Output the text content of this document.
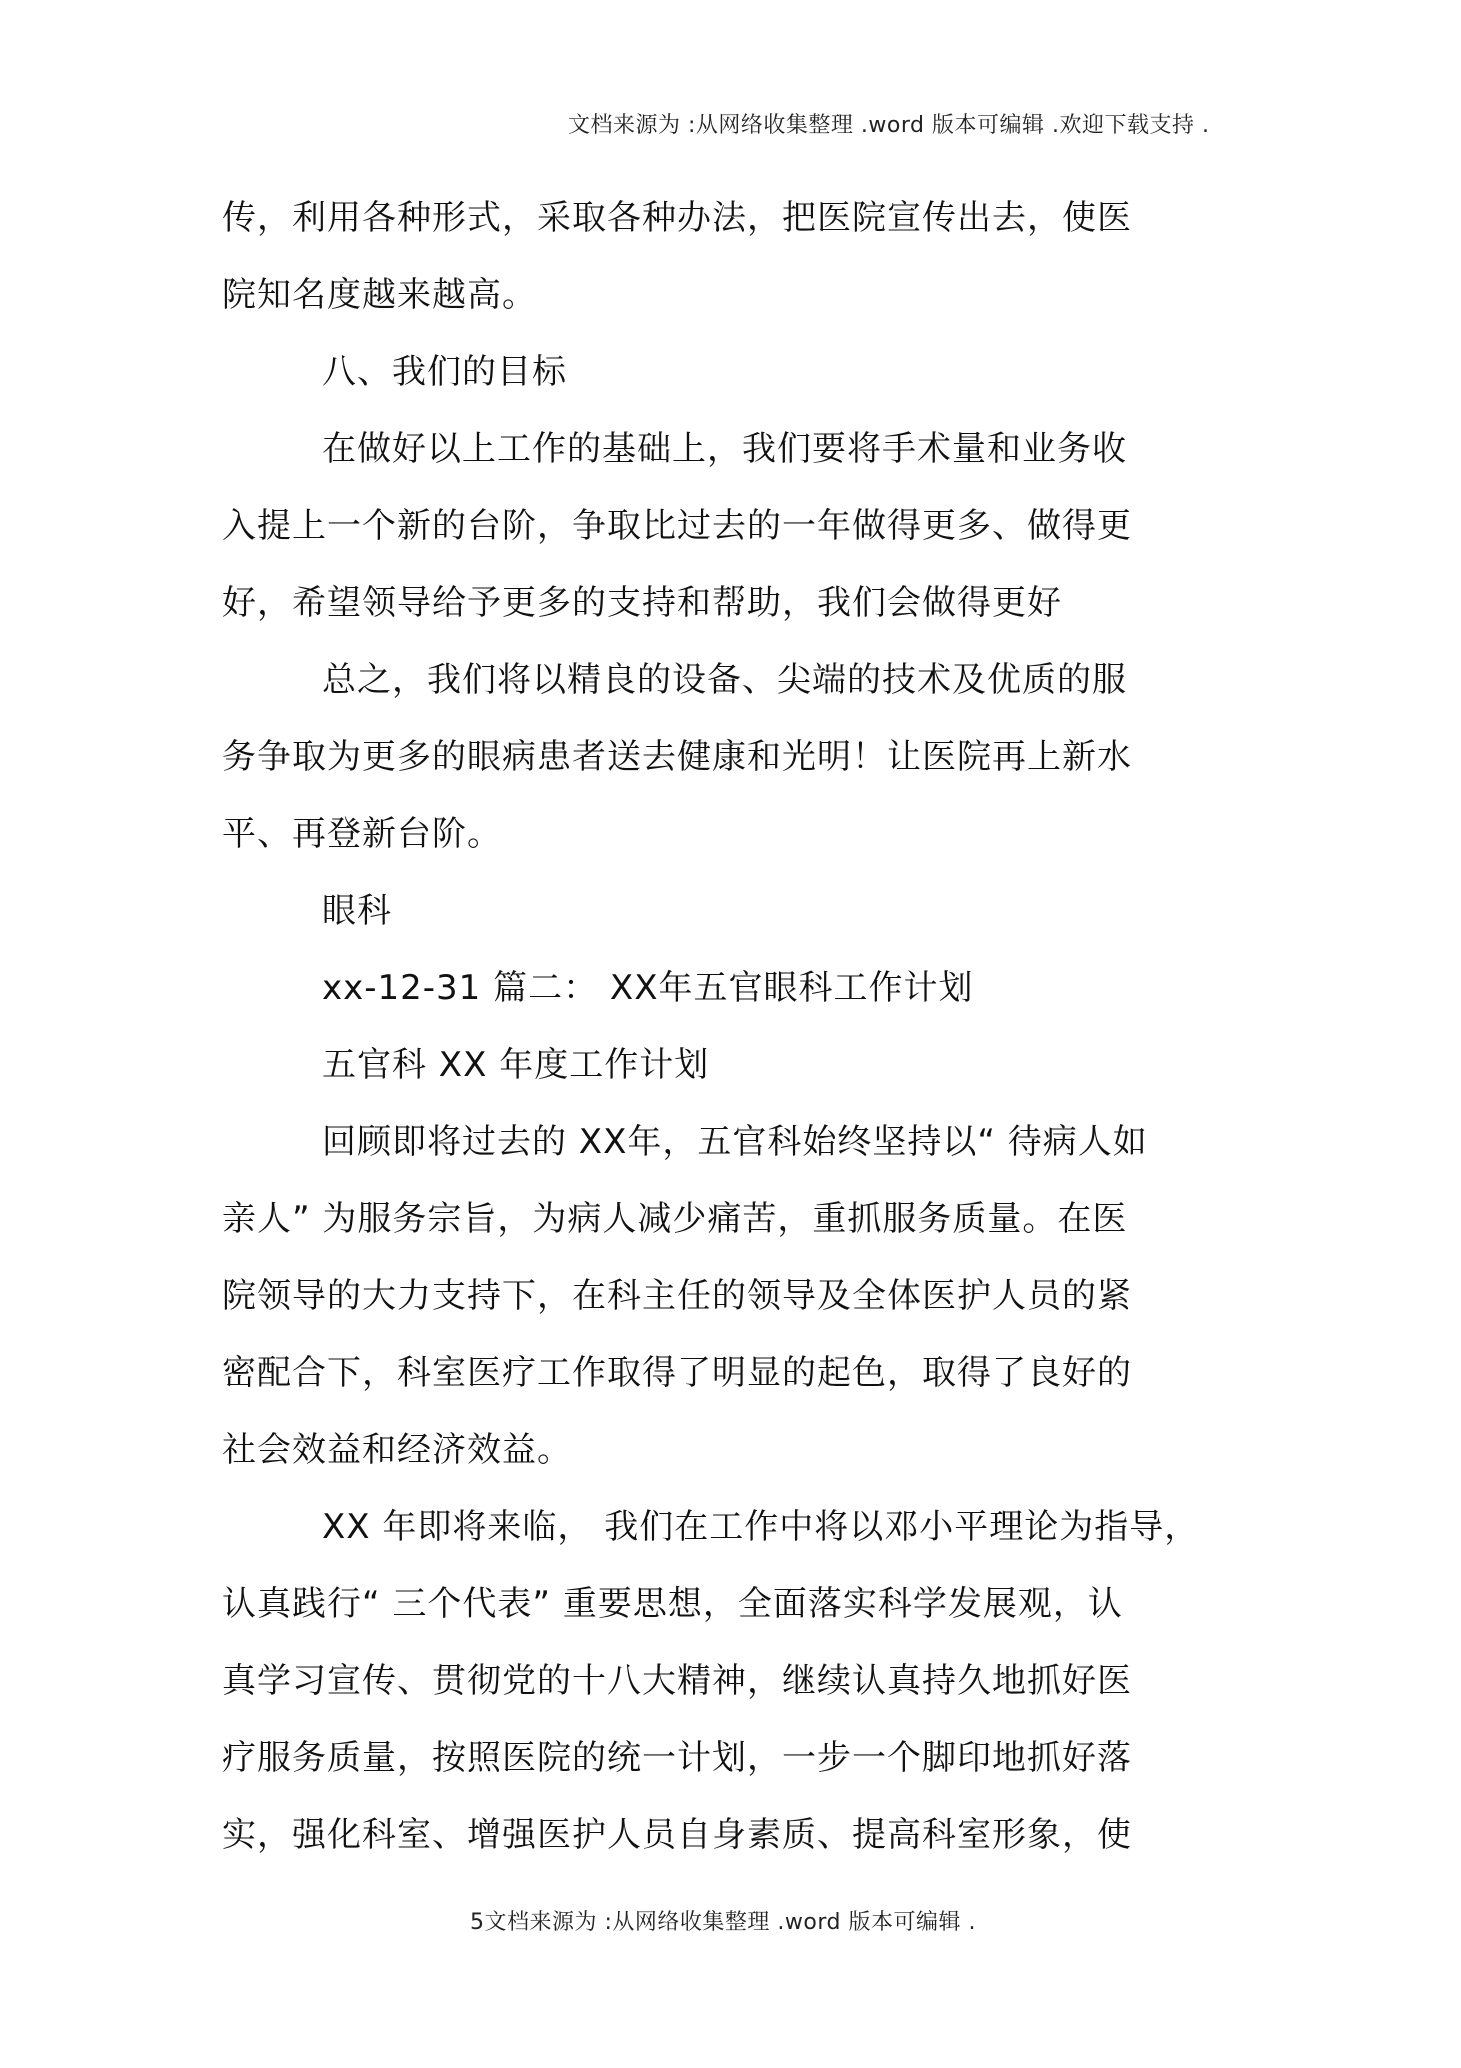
文档来源为 :从网络收集整理 .word 版本可编辑 .欢迎下载支持 .
传，利用各种形式，采取各种办法，把医院宣传出去，使医
院知名度越来越高。
八、我们的目标
在做好以上工作的基础上，我们要将手术量和业务收
入提上一个新的台阶，争取比过去的一年做得更多、做得更
好，希望领导给予更多的支持和帮助，我们会做得更好
总之，我们将以精良的设备、尖端的技术及优质的服
务争取为更多的眼病患者送去健康和光明！让医院再上新水
平、再登新台阶。
眼科
xx-12-31 篇二： XX年五官眼科工作计划
五官科 XX 年度工作计划
回顾即将过去的 XX年，五官科始终坚持以“ 待病人如
亲人” 为服务宗旨，为病人减少痛苦，重抓服务质量。在医
院领导的大力支持下，在科主任的领导及全体医护人员的紧
密配合下，科室医疗工作取得了明显的起色，取得了良好的
社会效益和经济效益。
XX 年即将来临， 我们在工作中将以邓小平理论为指导，
认真践行“ 三个代表” 重要思想，全面落实科学发展观，认
真学习宣传、贯彻党的十八大精神，继续认真持久地抓好医
疗服务质量，按照医院的统一计划，一步一个脚印地抓好落
实，强化科室、增强医护人员自身素质、提高科室形象，使
5文档来源为 :从网络收集整理 .word 版本可编辑 .
